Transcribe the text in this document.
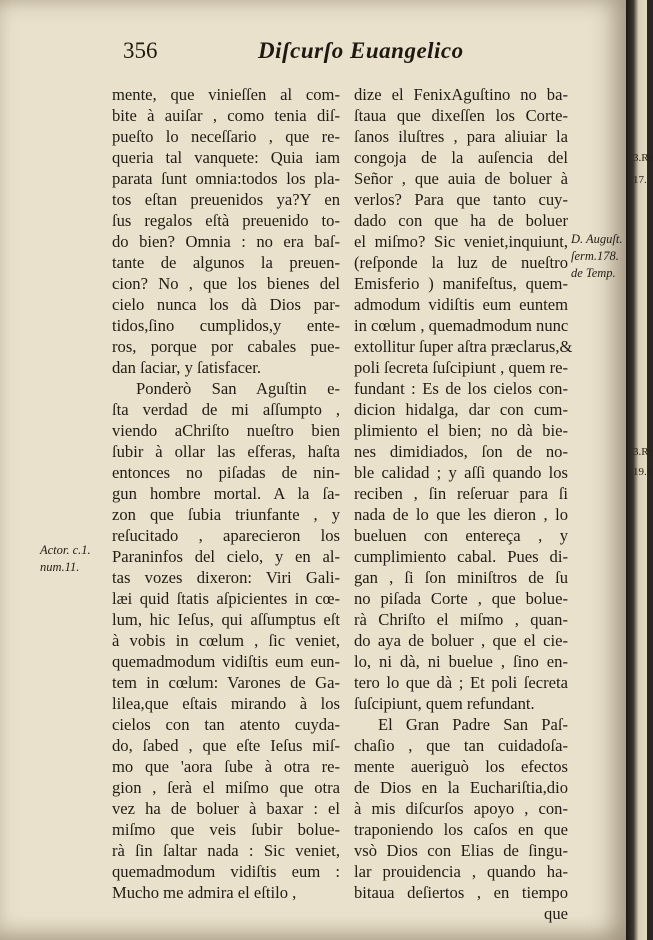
356	Diſcurſo Euangelico
mente, que vinieſſen al com-
bite à auiſar , como tenia diſ-
pueſto lo neceſſario , que re-
queria tal vanquete: Quia iam
parata ſunt omnia:todos los pla-
tos eſtan preuenidos ya?Y en
ſus regalos eſtà preuenido to-
do bien? Omnia : no era baſ-
tante de algunos la preuen-
cion? No , que los bienes del
cielo nunca los dà Dios par-
tidos,ſino cumplidos,y ente-
ros, porque por cabales pue-
dan ſaciar, y ſatisfacer.
Ponderò San Aguſtin e-
ſta verdad de mi aſſumpto ,
viendo aChriſto nueſtro bien
ſubir à ollar las eſferas, haſta
entonces no piſadas de nin-
gun hombre mortal. A la ſa-
zon que ſubia triunfante , y
reſucitado , aparecieron los
Paraninfos del cielo, y en al-
tas vozes dixeron: Viri Gali-
læi quid ſtatis aſpicientes in cœ-
lum, hic Ieſus, qui aſſumptus eſt
à vobis in cœlum , ſic veniet,
quemadmodum vidiſtis eum eun-
tem in cœlum: Varones de Ga-
lilea,que eſtais mirando à los
cielos con tan atento cuyda-
do, ſabed , que eſte Ieſus miſ-
mo que 'aora ſube à otra re-
gion , ſerà el miſmo que otra
vez ha de boluer à baxar : el
miſmo que veis ſubir bolue-
rà ſin ſaltar nada : Sic veniet,
quemadmodum vidiſtis eum :
Mucho me admira el eſtilo ,
dize el FenixAguſtino no ba-
ſtaua que dixeſſen los Corte-
ſanos iluſtres , para aliuiar la
congoja de la auſencia del
Señor , que auia de boluer à
verlos? Para que tanto cuy-
dado con que ha de boluer
el miſmo? Sic veniet,inquiunt,
(reſponde la luz de nueſtro
Emisferio ) manifeſtus, quem-
admodum vidiſtis eum euntem
in cœlum , quemadmodum nunc
extollitur ſuper aſtra præclarus,&
poli ſecreta ſuſcipiunt , quem re-
fundant : Es de los cielos con-
dicion hidalga, dar con cum-
plimiento el bien; no dà bie-
nes dimidiados, ſon de no-
ble calidad ; y aſſi quando los
reciben , ſin reſeruar para ſi
nada de lo que les dieron , lo
bueluen con entereça , y
cumplimiento cabal. Pues di-
gan , ſi ſon miniſtros de ſu
no piſada Corte , que bolue-
rà Chriſto el miſmo , quan-
do aya de boluer , que el cie-
lo, ni dà, ni buelue , ſino en-
tero lo que dà ; Et poli ſecreta
ſuſcipiunt, quem refundant.
El Gran Padre San Paſ-
chaſio , que tan cuidadoſa-
mente aueriguò los efectos
de Dios en la Euchariſtia,dio
à mis diſcurſos apoyo , con-
traponiendo los caſos en que
vsò Dios con Elias de ſingu-
lar prouidencia , quando ha-
bitaua deſiertos , en tiempo
que
Actor. c.1.
num.11.
D. Auguſt.
ſerm.178.
de Temp.
3.Re
17.
3.Re
19.n
